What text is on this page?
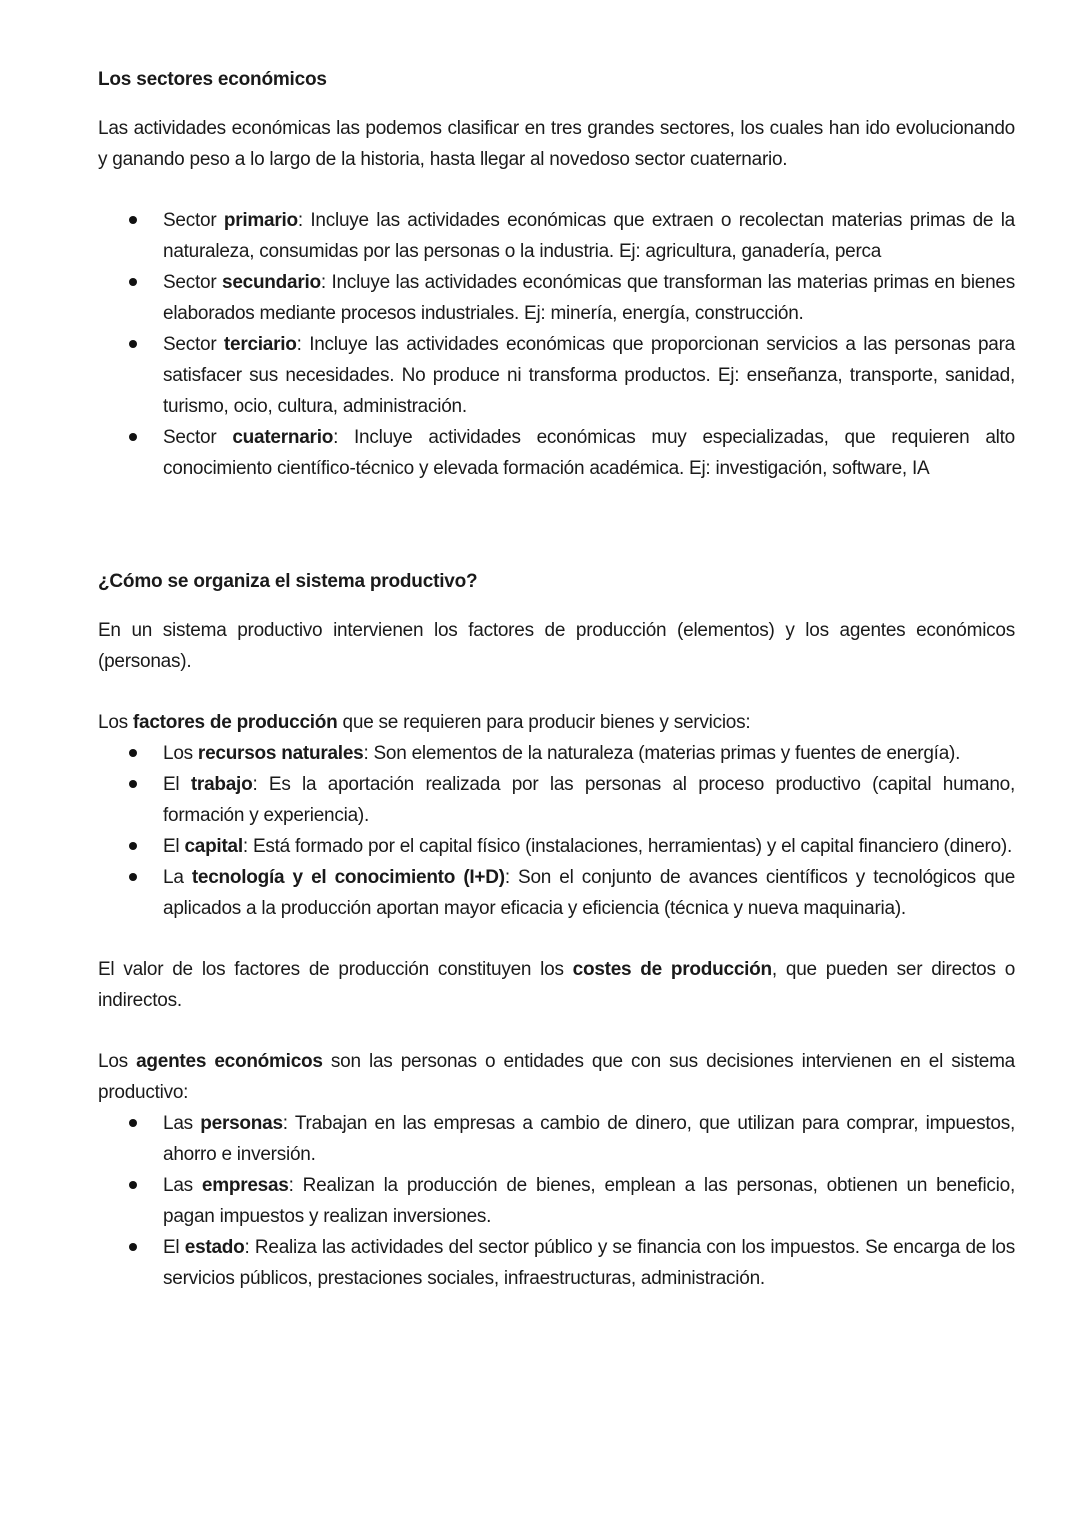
Los sectores económicos

Las actividades económicas las podemos clasificar en tres grandes sectores, los cuales han ido evolucionando y ganando peso a lo largo de la historia, hasta llegar al novedoso sector cuaternario.

Sector primario: Incluye las actividades económicas que extraen o recolectan materias primas de la naturaleza, consumidas por las personas o la industria. Ej: agricultura, ganadería, perca
Sector secundario: Incluye las actividades económicas que transforman las materias primas en bienes elaborados mediante procesos industriales. Ej: minería, energía, construcción.
Sector terciario: Incluye las actividades económicas que proporcionan servicios a las personas para satisfacer sus necesidades. No produce ni transforma productos. Ej: enseñanza, transporte, sanidad, turismo, ocio, cultura, administración.
Sector cuaternario: Incluye actividades económicas muy especializadas, que requieren alto conocimiento científico-técnico y elevada formación académica. Ej: investigación, software, IA
¿Cómo se organiza el sistema productivo?

En un sistema productivo intervienen los factores de producción (elementos) y los agentes económicos (personas).

Los factores de producción que se requieren para producir bienes y servicios:

Los recursos naturales: Son elementos de la naturaleza (materias primas y fuentes de energía).
El trabajo: Es la aportación realizada por las personas al proceso productivo (capital humano, formación y experiencia).
El capital: Está formado por el capital físico (instalaciones, herramientas) y el capital financiero (dinero).
La tecnología y el conocimiento (I+D): Son el conjunto de avances científicos y tecnológicos que aplicados a la producción aportan mayor eficacia y eficiencia (técnica y nueva maquinaria).

El valor de los factores de producción constituyen los costes de producción, que pueden ser directos o indirectos.

Los agentes económicos son las personas o entidades que con sus decisiones intervienen en el sistema productivo:

Las personas: Trabajan en las empresas a cambio de dinero, que utilizan para comprar, impuestos, ahorro e inversión.
Las empresas: Realizan la producción de bienes, emplean a las personas, obtienen un beneficio, pagan impuestos y realizan inversiones.
El estado: Realiza las actividades del sector público y se financia con los impuestos. Se encarga de los servicios públicos, prestaciones sociales, infraestructuras, administración.
